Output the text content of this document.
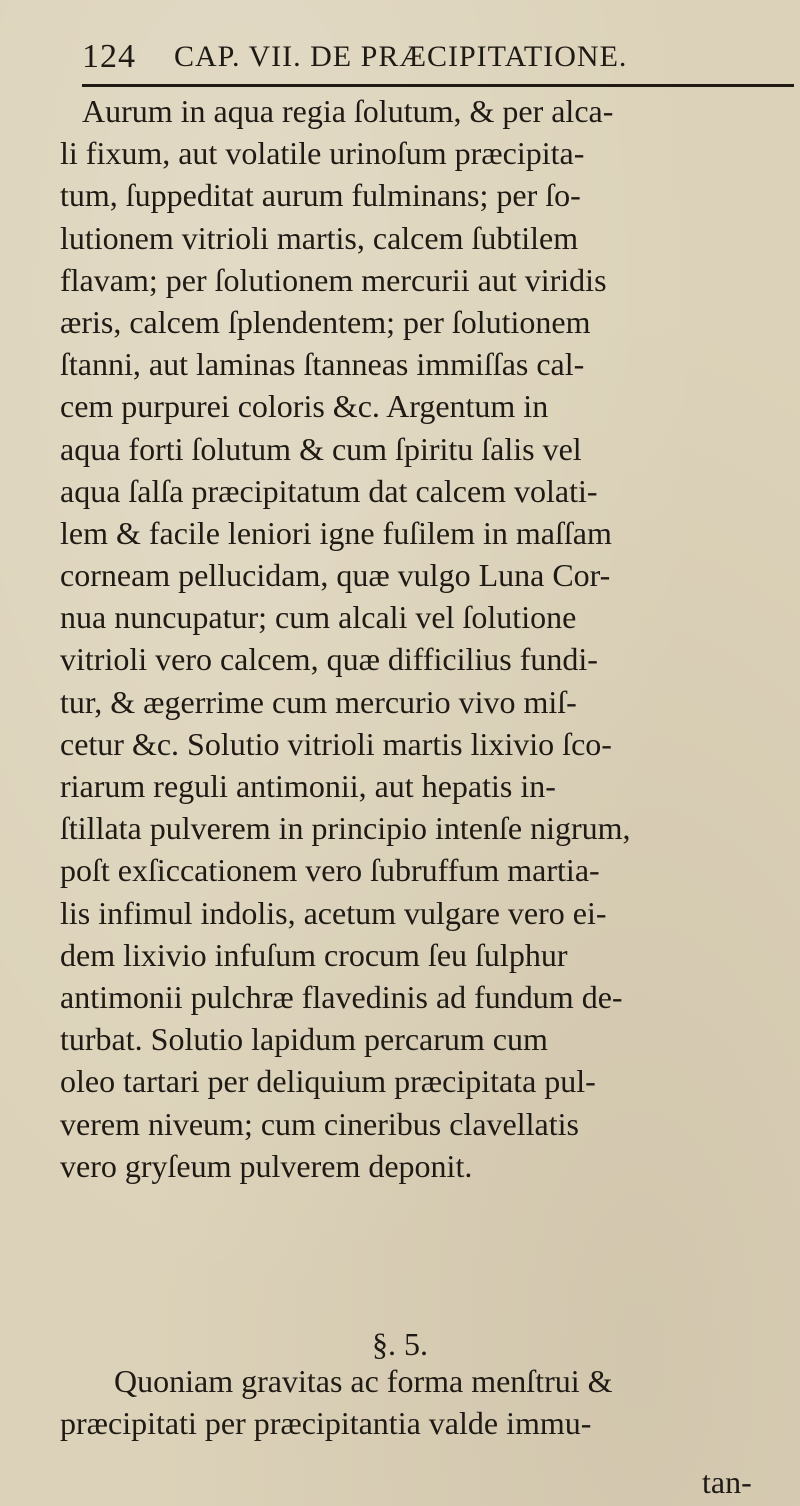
124 CAP. VII. DE PRÆCIPITATIONE.
Aurum in aqua regia ſolutum, & per alca-
li fixum, aut volatile urinoſum præcipita-
tum, ſuppeditat aurum fulminans; per ſo-
lutionem vitrioli martis, calcem ſubtilem
flavam; per ſolutionem mercurii aut viridis
æris, calcem ſplendentem; per ſolutionem
ſtanni, aut laminas ſtanneas immiſſas cal-
cem purpurei coloris &c. Argentum in
aqua forti ſolutum & cum ſpiritu ſalis vel
aqua ſalſa præcipitatum dat calcem volati-
lem & facile leniori igne fuſilem in maſſam
corneam pellucidam, quæ vulgo Luna Cor-
nua nuncupatur; cum alcali vel ſolutione
vitrioli vero calcem, quæ difficilius fundi-
tur, & ægerrime cum mercurio vivo miſ-
cetur &c. Solutio vitrioli martis lixivio ſco-
riarum reguli antimonii, aut hepatis in-
ſtillata pulverem in principio intenſe nigrum,
poſt exſiccationem vero ſubruffum martia-
lis infimul indolis, acetum vulgare vero ei-
dem lixivio infuſum crocum ſeu ſulphur
antimonii pulchræ flavedinis ad fundum de-
turbat. Solutio lapidum percarum cum
oleo tartari per deliquium præcipitata pul-
verem niveum; cum cineribus clavellatis
vero gryſeum pulverem deponit.
§. 5.
Quoniam gravitas ac forma menſtrui &
præcipitati per præcipitantia valde immu-
tan-
